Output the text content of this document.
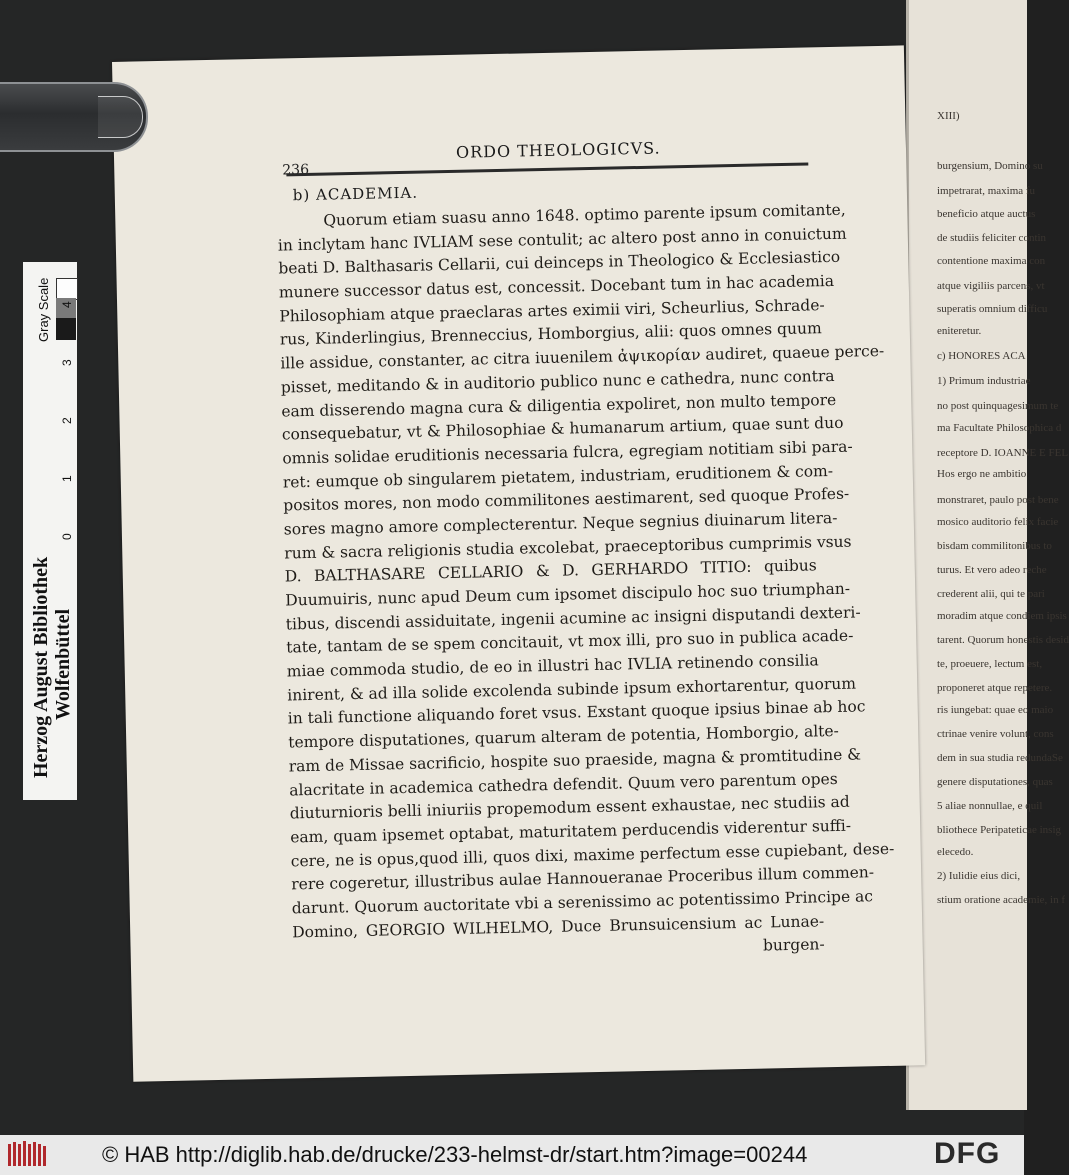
XIII)
burgensium, Domino su
impetrarat, maxima fu
beneficio atque auctus
de studiis feliciter contin
contentione maxima con
atque vigiliis parcens, vt
superatis omnium difficu
eniteretur.
c) HONORES ACA
1) Primum industriae
no post quinquagesimum te
ma Facultate Philosophica d
receptore D. IOANNE E FEL
Hos ergo ne ambitio
monstraret, paulo post bene
mosico auditorio felix facie
bisdam commilitonibus to
turus. Et vero adeo reche
crederent alii, qui te pari
moradim atque condiem ipsis
tarent. Quorum honestis desid
te, proeuere, lectum est,
proponeret atque repetere.
ris iungebat: quae eo maio
ctrinae venire volunt, cons
dem in sua studia redundaSe
genere disputationes, quas
5 aliae nonnullae, e quil
bliothece Peripateticae insig
elecedo.
2) Iulidie eius dici,
stium oratione academie, in f
236
ORDO THEOLOGICVS.
b) ACADEMIA.
Quorum etiam suasu anno 1648. optimo parente ipsum comitante,
in inclytam hanc IVLIAM sese contulit; ac altero post anno in conuictum
beati D. Balthasaris Cellarii, cui deinceps in Theologico & Ecclesiastico
munere successor datus est, concessit. Docebant tum in hac academia
Philosophiam atque praeclaras artes eximii viri, Scheurlius, Schrade-
rus, Kinderlingius, Brenneccius, Homborgius, alii: quos omnes quum
ille assidue, constanter, ac citra iuuenilem ἀψικορίαν audiret, quaeue perce-
pisset, meditando & in auditorio publico nunc e cathedra, nunc contra
eam disserendo magna cura & diligentia expoliret, non multo tempore
consequebatur, vt & Philosophiae & humanarum artium, quae sunt duo
omnis solidae eruditionis necessaria fulcra, egregiam notitiam sibi para-
ret: eumque ob singularem pietatem, industriam, eruditionem & com-
positos mores, non modo commilitones aestimarent, sed quoque Profes-
sores magno amore complecterentur. Neque segnius diuinarum litera-
rum & sacra religionis studia excolebat, praeceptoribus cumprimis vsus
D. BALTHASARE CELLARIO & D. GERHARDO TITIO: quibus
Duumuiris, nunc apud Deum cum ipsomet discipulo hoc suo triumphan-
tibus, discendi assiduitate, ingenii acumine ac insigni disputandi dexteri-
tate, tantam de se spem concitauit, vt mox illi, pro suo in publica acade-
miae commoda studio, de eo in illustri hac IVLIA retinendo consilia
inirent, & ad illa solide excolenda subinde ipsum exhortarentur, quorum
in tali functione aliquando foret vsus. Exstant quoque ipsius binae ab hoc
tempore disputationes, quarum alteram de potentia, Homborgio, alte-
ram de Missae sacrificio, hospite suo praeside, magna & promtitudine &
alacritate in academica cathedra defendit. Quum vero parentum opes
diuturnioris belli iniuriis propemodum essent exhaustae, nec studiis ad
eam, quam ipsemet optabat, maturitatem perducendis viderentur suffi-
cere, ne is opus,quod illi, quos dixi, maxime perfectum esse cupiebant, dese-
rere cogeretur, illustribus aulae Hannoueranae Proceribus illum commen-
darunt. Quorum auctoritate vbi a serenissimo ac potentissimo Principe ac
Domino, GEORGIO WILHELMO, Duce Brunsuicensium ac Lunae-
burgen-
Gray Scale 0 1 2 3 4
Herzog August Bibliothek Wolfenbüttel
© HAB http://diglib.hab.de/drucke/233-helmst-dr/start.htm?image=00244	DFG
